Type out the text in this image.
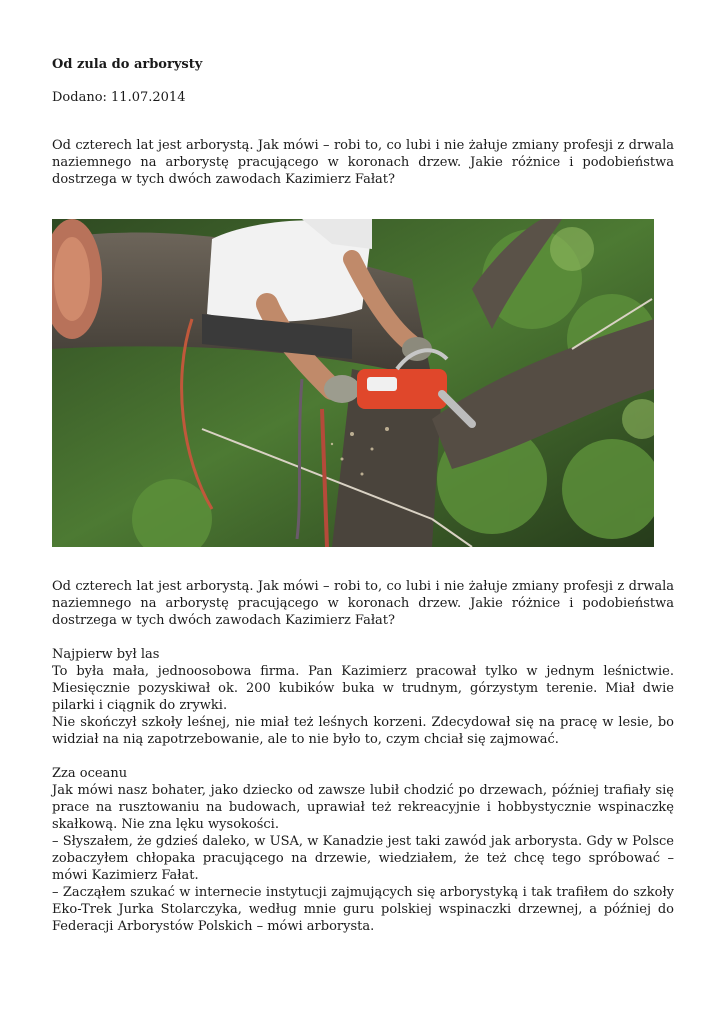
Od zula do arborysty
Dodano: 11.07.2014
Od czterech lat jest arborystą. Jak mówi – robi to, co lubi i nie żałuje zmiany profesji z drwala naziemnego na arborystę pracującego w koronach drzew. Jakie różnice i podobieństwa dostrzega w tych dwóch zawodach Kazimierz Fałat?

Od czterech lat jest arborystą. Jak mówi – robi to, co lubi i nie żałuje zmiany profesji z drwala naziemnego na arborystę pracującego w koronach drzew. Jakie różnice i podobieństwa dostrzega w tych dwóch zawodach Kazimierz Fałat?

Najpierw był las

To była mała, jednoosobowa firma. Pan Kazimierz pracował tylko w jednym leśnictwie. Miesięcznie pozyskiwał ok. 200 kubików buka w trudnym, górzystym terenie. Miał dwie pilarki i ciągnik do zrywki.

Nie skończył szkoły leśnej, nie miał też leśnych korzeni. Zdecydował się na pracę w lesie, bo widział na nią zapotrzebowanie, ale to nie było to, czym chciał się zajmować.

Zza oceanu

Jak mówi nasz bohater, jako dziecko od zawsze lubił chodzić po drzewach, później trafiały się prace na rusztowaniu na budowach, uprawiał też rekreacyjnie i hobbystycznie wspinaczkę skałkową. Nie zna lęku wysokości.

– Słyszałem, że gdzieś daleko, w USA, w Kanadzie jest taki zawód jak arborysta. Gdy w Polsce zobaczyłem chłopaka pracującego na drzewie, wiedziałem, że też chcę tego spróbować – mówi Kazimierz Fałat.

– Zacząłem szukać w internecie instytucji zajmujących się arborystyką i tak trafiłem do szkoły Eko-Trek Jurka Stolarczyka, według mnie guru polskiej wspinaczki drzewnej, a później do Federacji Arborystów Polskich – mówi arborysta.
